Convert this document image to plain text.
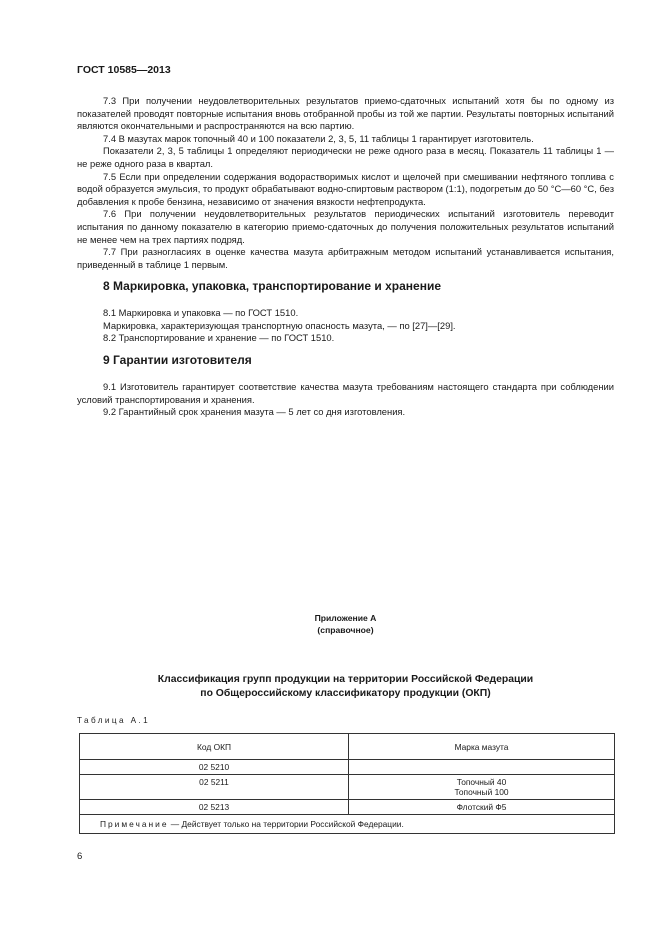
ГОСТ 10585—2013

7.3 При получении неудовлетворительных результатов приемо-сдаточных испытаний хотя бы по одному из показателей проводят повторные испытания вновь отобранной пробы из той же партии. Результаты повторных испытаний являются окончательными и распространяются на всю партию.

7.4 В мазутах марок топочный 40 и 100 показатели 2, 3, 5, 11 таблицы 1 гарантирует изготовитель.

Показатели 2, 3, 5 таблицы 1 определяют периодически не реже одного раза в месяц. Показатель 11 таблицы 1 — не реже одного раза в квартал.

7.5 Если при определении содержания водорастворимых кислот и щелочей при смешивании нефтяного топлива с водой образуется эмульсия, то продукт обрабатывают водно-спиртовым раствором (1:1), подогретым до 50 °С—60 °С, без добавления к пробе бензина, независимо от значения вязкости нефтепродукта.

7.6 При получении неудовлетворительных результатов периодических испытаний изготовитель переводит испытания по данному показателю в категорию приемо-сдаточных до получения положительных результатов испытаний не менее чем на трех партиях подряд.

7.7 При разногласиях в оценке качества мазута арбитражным методом испытаний устанавливается испытания, приведенный в таблице 1 первым.

8 Маркировка, упаковка, транспортирование и хранение

8.1 Маркировка и упаковка — по ГОСТ 1510.

Маркировка, характеризующая транспортную опасность мазута, — по [27]—[29].

8.2 Транспортирование и хранение — по ГОСТ 1510.

9 Гарантии изготовителя

9.1 Изготовитель гарантирует соответствие качества мазута требованиям настоящего стандарта при соблюдении условий транспортирования и хранения.

9.2 Гарантийный срок хранения мазута — 5 лет со дня изготовления.

Приложение А
(справочное)
Классификация групп продукции на территории Российской Федерации
по Общероссийскому классификатору продукции (ОКП)
Таблица А.1
Код ОКП	Марка мазута
02 5210	

02 5211	Топочный 40
Топочный 100

02 5213	Флотский Ф5

Примечание — Действует только на территории Российской Федерации.	
6
